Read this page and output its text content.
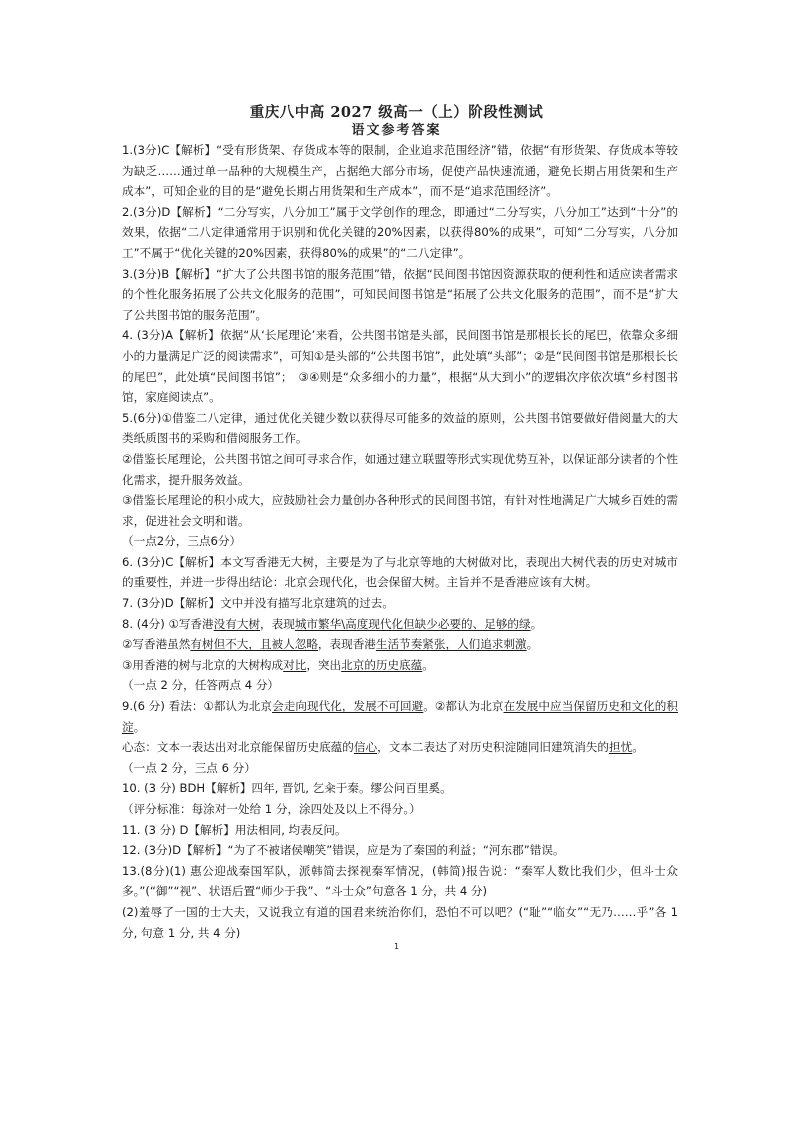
重庆八中高 2027 级高一（上）阶段性测试
语文参考答案

1.(3分)C【解析】“受有形货架、存货成本等的限制，企业追求范围经济”错，依据“有形货架、存货成本等较为缺乏……通过单一品种的大规模生产，占据绝大部分市场，促使产品快速流通，避免长期占用货架和生产成本”，可知企业的目的是“避免长期占用货架和生产成本”，而不是“追求范围经济”。

2.(3分)D【解析】“二分写实，八分加工”属于文学创作的理念，即通过“二分写实，八分加工”达到“十分”的效果，依据“二八定律通常用于识别和优化关键的20%因素，以获得80%的成果”，可知“二分写实，八分加工”不属于“优化关键的20%因素，获得80%的成果”的“二八定律”。

3.(3分)B【解析】“扩大了公共图书馆的服务范围”错，依据“民间图书馆因资源获取的便利性和适应读者需求的个性化服务拓展了公共文化服务的范围”，可知民间图书馆是“拓展了公共文化服务的范围”，而不是“扩大了公共图书馆的服务范围”。

4. (3分)A【解析】依据“从‘长尾理论’来看，公共图书馆是头部，民间图书馆是那根长长的尾巴，依靠众多细小的力量满足广泛的阅读需求”，可知①是头部的“公共图书馆”，此处填“头部”；②是“民间图书馆是那根长长的尾巴”，此处填“民间图书馆”；　③④则是“众多细小的力量”，根据“从大到小”的逻辑次序依次填“乡村图书馆，家庭阅读点”。

5.(6分)①借鉴二八定律，通过优化关键少数以获得尽可能多的效益的原则，公共图书馆要做好借阅量大的大类纸质图书的采购和借阅服务工作。

②借鉴长尾理论，公共图书馆之间可寻求合作，如通过建立联盟等形式实现优势互补，以保证部分读者的个性化需求，提升服务效益。

③借鉴长尾理论的积小成大，应鼓励社会力量创办各种形式的民间图书馆，有针对性地满足广大城乡百姓的需求，促进社会文明和谐。

（一点2分，三点6分）

6. (3分)C【解析】本文写香港无大树，主要是为了与北京等地的大树做对比，表现出大树代表的历史对城市的重要性，并进一步得出结论：北京会现代化，也会保留大树。主旨并不是香港应该有大树。

7. (3分)D【解析】文中并没有描写北京建筑的过去。

8. (4分) ①写香港没有大树，表现城市繁华\高度现代化但缺少必要的、足够的绿。

②写香港虽然有树但不大，且被人忽略，表现香港生活节奏紧张，人们追求刺激。

③用香港的树与北京的大树构成对比，突出北京的历史底蕴。

（一点 2 分，任答两点 4 分）

9.(6 分) 看法：①都认为北京会走向现代化，发展不可回避。②都认为北京在发展中应当保留历史和文化的积淀。

心态：文本一表达出对北京能保留历史底蕴的信心，文本二表达了对历史积淀随同旧建筑消失的担忧。

（一点 2 分，三点 6 分）

10. (3 分) BDH【解析】四年, 晋饥, 乞籴于秦。缪公问百里奚。

（评分标准：每涂对一处给 1 分，涂四处及以上不得分。）

11. (3 分) D【解析】用法相同, 均表反问。

12. (3分)D【解析】“为了不被诸侯嘲笑”错误，应是为了秦国的利益；“河东郡”错误。

13.(8分)(1) 惠公迎战秦国军队，派韩简去探视秦军情况，(韩简)报告说：“秦军人数比我们少，但斗士众多。”(“御”“视”、状语后置“师少于我”、“斗士众”句意各 1 分，共 4 分)

(2)羞辱了一国的士大夫，又说我立有道的国君来统治你们，恐怕不可以吧？(“耻”“临女”“无乃……乎”各 1 分, 句意 1 分, 共 4 分)

1
